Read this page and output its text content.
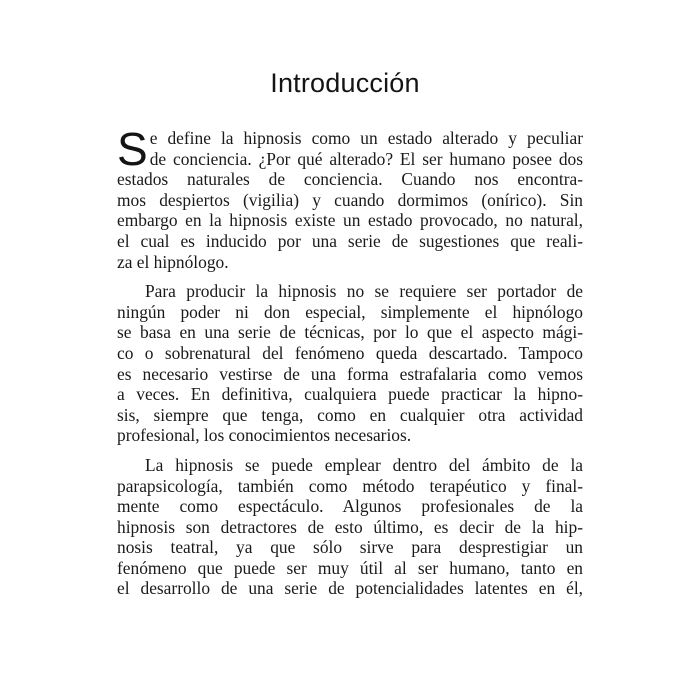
Introducción
S e define la hipnosis como un estado alterado y peculiar
de conciencia. ¿Por qué alterado? El ser humano posee dos
estados naturales de conciencia. Cuando nos encontra-
mos despiertos (vigilia) y cuando dormimos (onírico). Sin
embargo en la hipnosis existe un estado provocado, no natural,
el cual es inducido por una serie de sugestiones que reali-
za el hipnólogo.
Para producir la hipnosis no se requiere ser portador de
ningún poder ni don especial, simplemente el hipnólogo
se basa en una serie de técnicas, por lo que el aspecto mági-
co o sobrenatural del fenómeno queda descartado. Tampoco
es necesario vestirse de una forma estrafalaria como vemos
a veces. En definitiva, cualquiera puede practicar la hipno-
sis, siempre que tenga, como en cualquier otra actividad
profesional, los conocimientos necesarios.
La hipnosis se puede emplear dentro del ámbito de la
parapsicología, también como método terapéutico y final-
mente como espectáculo. Algunos profesionales de la
hipnosis son detractores de esto último, es decir de la hip-
nosis teatral, ya que sólo sirve para desprestigiar un
fenómeno que puede ser muy útil al ser humano, tanto en
el desarrollo de una serie de potencialidades latentes en él,
